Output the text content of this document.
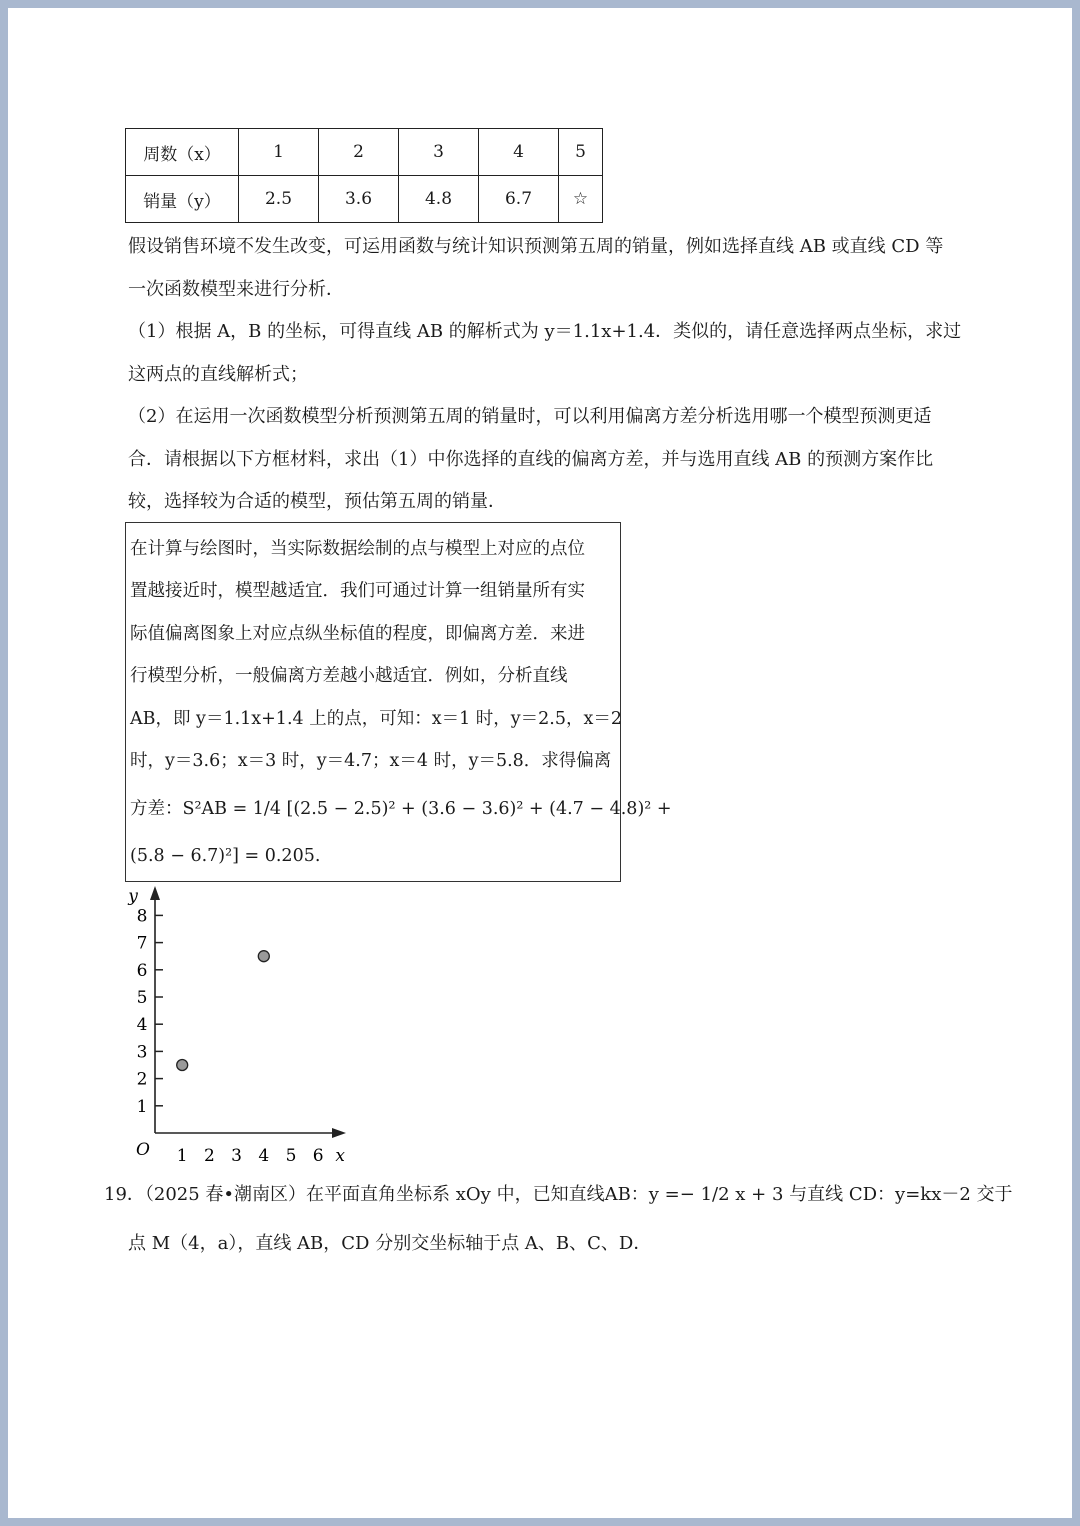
周数（x）	1	2	3	4	5
销量（y）	2.5	3.6	4.8	6.7	☆
假设销售环境不发生改变，可运用函数与统计知识预测第五周的销量，例如选择直线 AB 或直线 CD 等
一次函数模型来进行分析．
（1）根据 A，B 的坐标，可得直线 AB 的解析式为 y＝1.1x+1.4．类似的，请任意选择两点坐标，求过
这两点的直线解析式；
（2）在运用一次函数模型分析预测第五周的销量时，可以利用偏离方差分析选用哪一个模型预测更适
合．请根据以下方框材料，求出（1）中你选择的直线的偏离方差，并与选用直线 AB 的预测方案作比
较，选择较为合适的模型，预估第五周的销量．
在计算与绘图时，当实际数据绘制的点与模型上对应的点位
置越接近时，模型越适宜．我们可通过计算一组销量所有实
际值偏离图象上对应点纵坐标值的程度，即偏离方差．来进
行模型分析，一般偏离方差越小越适宜．例如，分析直线
AB，即 y＝1.1x+1.4 上的点，可知：x＝1 时，y＝2.5，x＝2
时，y＝3.6；x＝3 时，y＝4.7；x＝4 时，y＝5.8．求得偏离
方差：S²AB = 1/4 [(2.5 − 2.5)² + (3.6 − 3.6)² + (4.7 − 4.8)² +
(5.8 − 6.7)²] = 0.205.
1
2
3
4
5
6
7
8
1 2 3 4 5 6
O	x
y
19．（2025 春•潮南区）在平面直角坐标系 xOy 中，已知直线AB：y =− 1/2 x + 3 与直线 CD：y=kx－2 交于
点 M（4，a），直线 AB，CD 分别交坐标轴于点 A、B、C、D．
